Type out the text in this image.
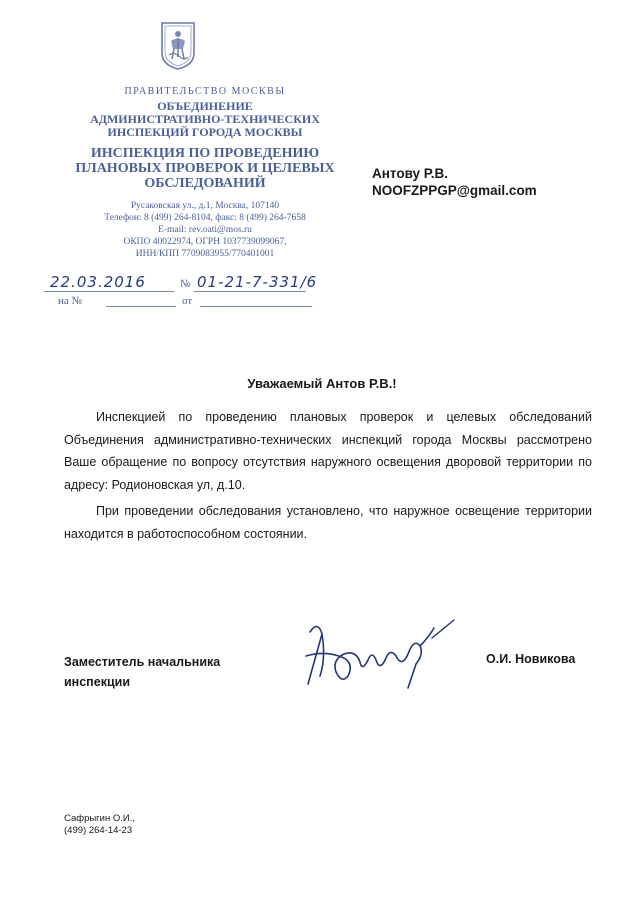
ПРАВИТЕЛЬСТВО МОСКВЫ
ОБЪЕДИНЕНИЕ
АДМИНИСТРАТИВНО-ТЕХНИЧЕСКИХ
ИНСПЕКЦИЙ ГОРОДА МОСКВЫ
ИНСПЕКЦИЯ ПО ПРОВЕДЕНИЮ
ПЛАНОВЫХ ПРОВЕРОК И ЦЕЛЕВЫХ
ОБСЛЕДОВАНИЙ
Русаковская ул., д.1, Москва, 107140
Телефон: 8 (499) 264-8104, факс: 8 (499) 264-7658
E-mail: rev.oati@mos.ru
ОКПО 40022974, ОГРН 1037739099067,
ИНН/КПП 7709083955/770401001
22.03.2016	№ 01-21-7-331/6
на №	от
Антову Р.В.
NOOFZPPGP@gmail.com
Уважаемый Антов Р.В.!

Инспекцией по проведению плановых проверок и целевых обследований Объединения административно-технических инспекций города Москвы рассмотрено Ваше обращение по вопросу отсутствия наружного освещения дворовой территории по адресу: Родионовская ул, д.10.

При проведении обследования установлено, что наружное освещение территории находится в работоспособном состоянии.

Заместитель начальника
инспекции
О.И. Новикова
Сафрыгин О.И.,
(499) 264-14-23
